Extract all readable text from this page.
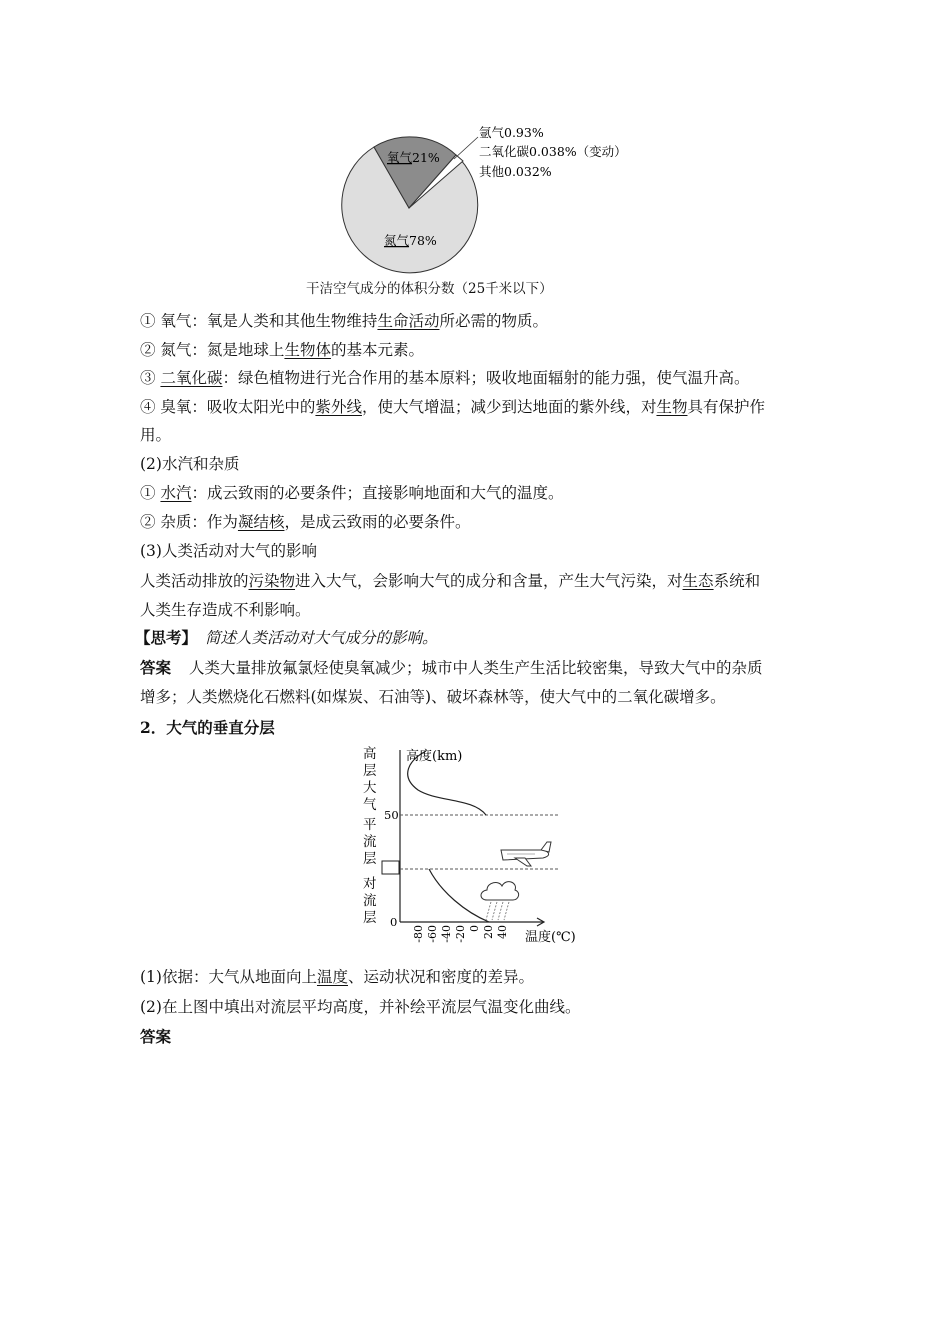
氧气21%
氮气78%
氩气0.93%
二氧化碳0.038%（变动）
其他0.032%
干洁空气成分的体积分数（25千米以下）
① 氧气：氧是人类和其他生物维持生命活动所必需的物质。
② 氮气：氮是地球上生物体的基本元素。
③ 二氧化碳：绿色植物进行光合作用的基本原料；吸收地面辐射的能力强，使气温升高。
④ 臭氧：吸收太阳光中的紫外线，使大气增温；减少到达地面的紫外线，对生物具有保护作
用。
(2)水汽和杂质
① 水汽：成云致雨的必要条件；直接影响地面和大气的温度。
② 杂质：作为凝结核，是成云致雨的必要条件。
(3)人类活动对大气的影响
人类活动排放的污染物进入大气，会影响大气的成分和含量，产生大气污染，对生态系统和
人类生存造成不利影响。
【思考】 简述人类活动对大气成分的影响。
答案 人类大量排放氟氯烃使臭氧减少；城市中人类生产生活比较密集，导致大气中的杂质
增多；人类燃烧化石燃料(如煤炭、石油等)、破坏森林等，使大气中的二氧化碳增多。
2．大气的垂直分层
50
0
高度(km)
高
层
大
气
平
流
层
对
流
层
-80 -60 -40 -20 0 20 40 温度(℃)
(1)依据：大气从地面向上温度、运动状况和密度的差异。
(2)在上图中填出对流层平均高度，并补绘平流层气温变化曲线。
答案
